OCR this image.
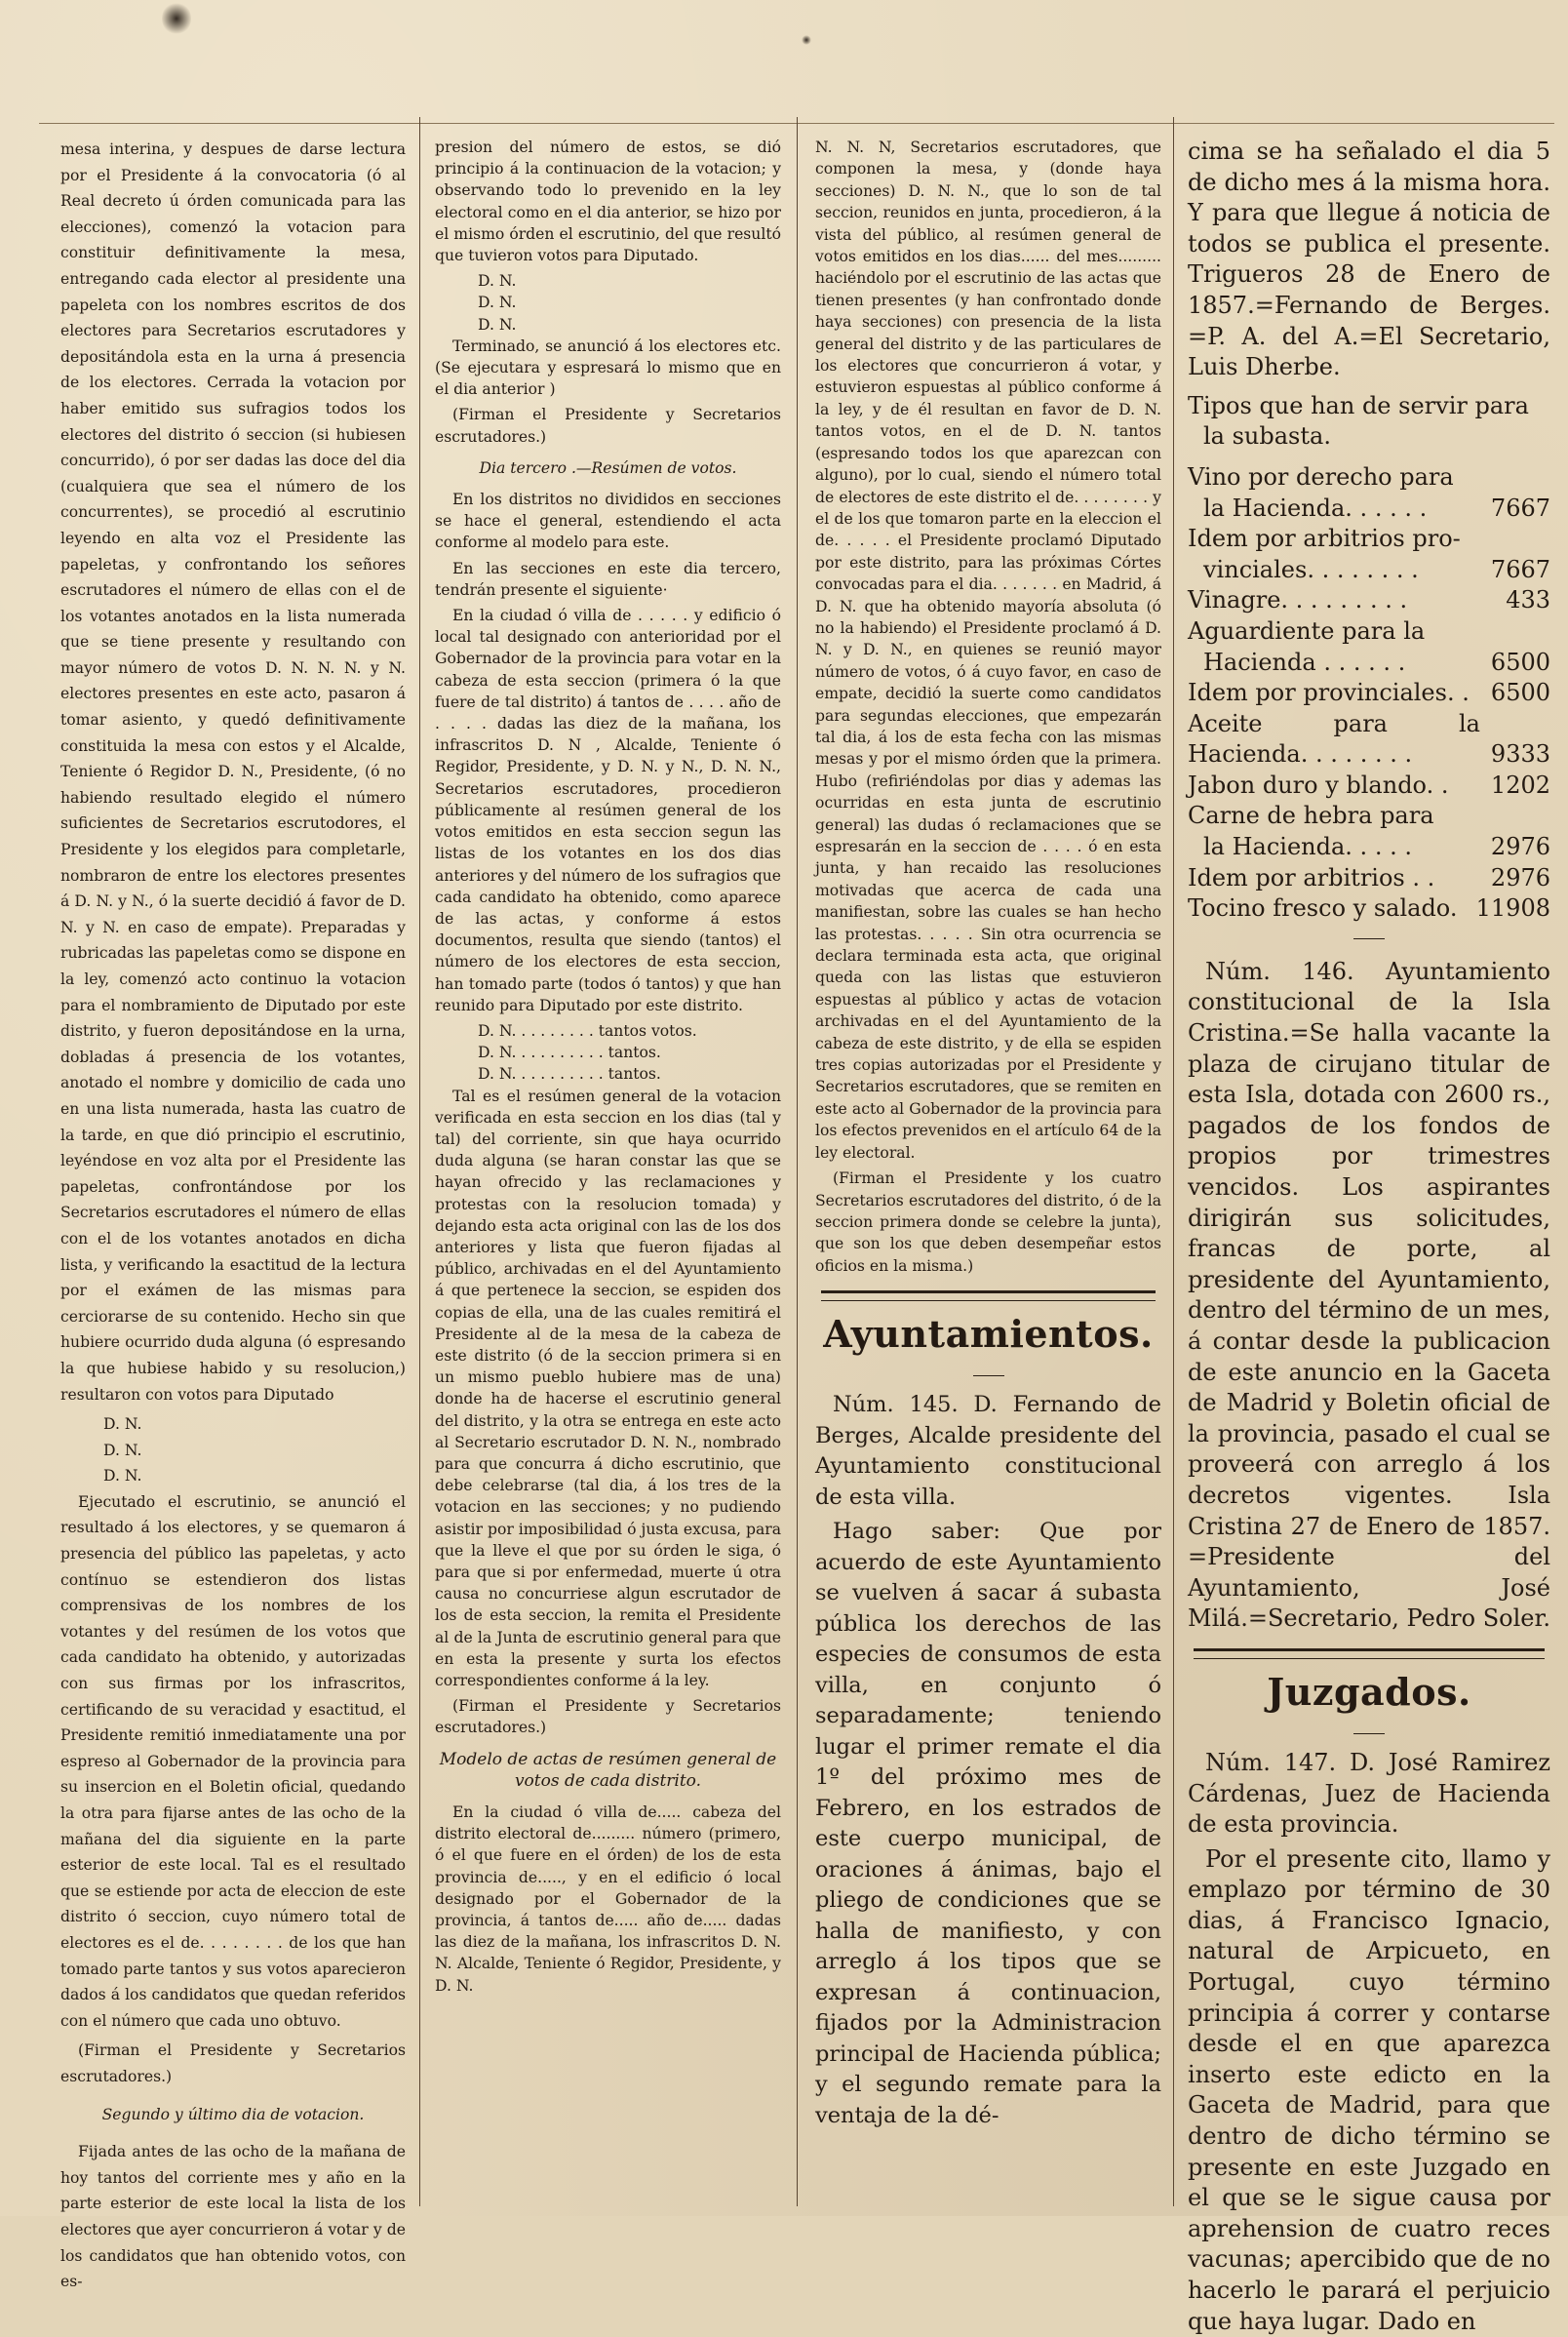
mesa interina, y despues de darse lectura por el Presidente á la convocatoria (ó al Real decreto ú órden comunicada para las elecciones), comenzó la votacion para constituir definitivamente la mesa, entregando cada elector al presidente una papeleta con los nombres escritos de dos electores para Secretarios escrutadores y depositándola esta en la urna á presencia de los electores. Cerrada la votacion por haber emitido sus sufragios todos los electores del distrito ó seccion (si hubiesen concurrido), ó por ser dadas las doce del dia (cualquiera que sea el número de los concurrentes), se procedió al escrutinio leyendo en alta voz el Presidente las papeletas, y confrontando los señores escrutadores el número de ellas con el de los votantes anotados en la lista numerada que se tiene presente y resultando con mayor número de votos D. N. N. N. y N. electores presentes en este acto, pasaron á tomar asiento, y quedó definitivamente constituida la mesa con estos y el Alcalde, Teniente ó Regidor D. N., Presidente, (ó no habiendo resultado elegido el número suficientes de Secretarios escrutodores, el Presidente y los elegidos para completarle, nombraron de entre los electores presentes á D. N. y N., ó la suerte decidió á favor de D. N. y N. en caso de empate). Preparadas y rubricadas las papeletas como se dispone en la ley, comenzó acto continuo la votacion para el nombramiento de Diputado por este distrito, y fueron depositándose en la urna, dobladas á presencia de los votantes, anotado el nombre y domicilio de cada uno en una lista numerada, hasta las cuatro de la tarde, en que dió principio el escrutinio, leyéndose en voz alta por el Presidente las papeletas, confrontándose por los Secretarios escrutadores el número de ellas con el de los votantes anotados en dicha lista, y verificando la esactitud de la lectura por el exámen de las mismas para cerciorarse de su contenido. Hecho sin que hubiere ocurrido duda alguna (ó espresando la que hubiese habido y su resolucion,) resultaron con votos para Diputado

D. N.

D. N.

D. N.

Ejecutado el escrutinio, se anunció el resultado á los electores, y se quemaron á presencia del público las papeletas, y acto contínuo se estendieron dos listas comprensivas de los nombres de los votantes y del resúmen de los votos que cada candidato ha obtenido, y autorizadas con sus firmas por los infrascritos, certificando de su veracidad y esactitud, el Presidente remitió inmediatamente una por espreso al Gobernador de la provincia para su insercion en el Boletin oficial, quedando la otra para fijarse antes de las ocho de la mañana del dia siguiente en la parte esterior de este local. Tal es el resultado que se estiende por acta de eleccion de este distrito ó seccion, cuyo número total de electores es el de. . . . . . . . de los que han tomado parte tantos y sus votos aparecieron dados á los candidatos que quedan referidos con el número que cada uno obtuvo.

(Firman el Presidente y Secretarios escrutadores.)

Segundo y último dia de votacion.

Fijada antes de las ocho de la mañana de hoy tantos del corriente mes y año en la parte esterior de este local la lista de los electores que ayer concurrieron á votar y de los candidatos que han obtenido votos, con es-

presion del número de estos, se dió principio á la continuacion de la votacion; y observando todo lo prevenido en la ley electoral como en el dia anterior, se hizo por el mismo órden el escrutinio, del que resultó que tuvieron votos para Diputado.

D. N.

D. N.

D. N.

Terminado, se anunció á los electores etc. (Se ejecutara y espresará lo mismo que en el dia anterior )

(Firman el Presidente y Secretarios escrutadores.)

Dia tercero .—Resúmen de votos.

En los distritos no divididos en secciones se hace el general, estendiendo el acta conforme al modelo para este.

En las secciones en este dia tercero, tendrán presente el siguiente·

En la ciudad ó villa de . . . . . y edificio ó local tal designado con anterioridad por el Gobernador de la provincia para votar en la cabeza de esta seccion (primera ó la que fuere de tal distrito) á tantos de . . . . año de . . . . dadas las diez de la mañana, los infrascritos D. N , Alcalde, Teniente ó Regidor, Presidente, y D. N. y N., D. N. N., Secretarios escrutadores, procedieron públicamente al resúmen general de los votos emitidos en esta seccion segun las listas de los votantes en los dos dias anteriores y del número de los sufragios que cada candidato ha obtenido, como aparece de las actas, y conforme á estos documentos, resulta que siendo (tantos) el número de los electores de esta seccion, han tomado parte (todos ó tantos) y que han reunido para Diputado por este distrito.

D. N. . . . . . . . . tantos votos.

D. N. . . . . . . . . . tantos.

D. N. . . . . . . . . . tantos.

Tal es el resúmen general de la votacion verificada en esta seccion en los dias (tal y tal) del corriente, sin que haya ocurrido duda alguna (se haran constar las que se hayan ofrecido y las reclamaciones y protestas con la resolucion tomada) y dejando esta acta original con las de los dos anteriores y lista que fueron fijadas al público, archivadas en el del Ayuntamiento á que pertenece la seccion, se espiden dos copias de ella, una de las cuales remitirá el Presidente al de la mesa de la cabeza de este distrito (ó de la seccion primera si en un mismo pueblo hubiere mas de una) donde ha de hacerse el escrutinio general del distrito, y la otra se entrega en este acto al Secretario escrutador D. N. N., nombrado para que concurra á dicho escrutinio, que debe celebrarse (tal dia, á los tres de la votacion en las secciones; y no pudiendo asistir por imposibilidad ó justa excusa, para que la lleve el que por su órden le siga, ó para que si por enfermedad, muerte ú otra causa no concurriese algun escrutador de los de esta seccion, la remita el Presidente al de la Junta de escrutinio general para que en esta la presente y surta los efectos correspondientes conforme á la ley.

(Firman el Presidente y Secretarios escrutadores.)

Modelo de actas de resúmen general de votos de cada distrito.

En la ciudad ó villa de..... cabeza del distrito electoral de......... número (primero, ó el que fuere en el órden) de los de esta provincia de....., y en el edificio ó local designado por el Gobernador de la provincia, á tantos de..... año de..... dadas las diez de la mañana, los infrascritos D. N. N. Alcalde, Teniente ó Regidor, Presidente, y D. N.

N. N. N, Secretarios escrutadores, que componen la mesa, y (donde haya secciones) D. N. N., que lo son de tal seccion, reunidos en junta, procedieron, á la vista del público, al resúmen general de votos emitidos en los dias...... del mes......... haciéndolo por el escrutinio de las actas que tienen presentes (y han confrontado donde haya secciones) con presencia de la lista general del distrito y de las particulares de los electores que concurrieron á votar, y estuvieron espuestas al público conforme á la ley, y de él resultan en favor de D. N. tantos votos, en el de D. N. tantos (espresando todos los que aparezcan con alguno), por lo cual, siendo el número total de electores de este distrito el de. . . . . . . . y el de los que tomaron parte en la eleccion el de. . . . . el Presidente proclamó Diputado por este distrito, para las próximas Córtes convocadas para el dia. . . . . . . en Madrid, á D. N. que ha obtenido mayoría absoluta (ó no la habiendo) el Presidente proclamó á D. N. y D. N., en quienes se reunió mayor número de votos, ó á cuyo favor, en caso de empate, decidió la suerte como candidatos para segundas elecciones, que empezarán tal dia, á los de esta fecha con las mismas mesas y por el mismo órden que la primera. Hubo (refiriéndolas por dias y ademas las ocurridas en esta junta de escrutinio general) las dudas ó reclamaciones que se espresarán en la seccion de . . . . ó en esta junta, y han recaido las resoluciones motivadas que acerca de cada una manifiestan, sobre las cuales se han hecho las protestas. . . . . Sin otra ocurrencia se declara terminada esta acta, que original queda con las listas que estuvieron espuestas al público y actas de votacion archivadas en el del Ayuntamiento de la cabeza de este distrito, y de ella se espiden tres copias autorizadas por el Presidente y Secretarios escrutadores, que se remiten en este acto al Gobernador de la provincia para los efectos prevenidos en el artículo 64 de la ley electoral.

(Firman el Presidente y los cuatro Secretarios escrutadores del distrito, ó de la seccion primera donde se celebre la junta), que son los que deben desempeñar estos oficios en la misma.)

Ayuntamientos.

Núm. 145. D. Fernando de Berges, Alcalde presidente del Ayuntamiento constitucional de esta villa.

Hago saber: Que por acuerdo de este Ayuntamiento se vuelven á sacar á subasta pública los derechos de las especies de consumos de esta villa, en conjunto ó separadamente; teniendo lugar el primer remate el dia 1º del próximo mes de Febrero, en los estrados de este cuerpo municipal, de oraciones á ánimas, bajo el pliego de condiciones que se halla de manifiesto, y con arreglo á los tipos que se expresan á continuacion, fijados por la Administracion principal de Hacienda pública; y el segundo remate para la ventaja de la dé-

cima se ha señalado el dia 5 de dicho mes á la misma hora. Y para que llegue á noticia de todos se publica el presente. Trigueros 28 de Enero de 1857.=Fernando de Berges. =P. A. del A.=El Secretario, Luis Dherbe.

Tipos que han de servir para
la subasta.

Vino por derecho para

la Hacienda. . . . . .	7667

Idem por arbitrios pro-

vinciales. . . . . . . .	7667

Vinagre. . . . . . . . .	433

Aguardiente para la

Hacienda . . . . . .	6500

Idem por provinciales. . 6500

Aceite para la Hacienda. . . . . . . .	9333

Jabon duro y blando. . 1202

Carne de hebra para

la Hacienda. . . . .	2976

Idem por arbitrios . . 2976

Tocino fresco y salado. 11908

Núm. 146. Ayuntamiento constitucional de la Isla Cristina.=Se halla vacante la plaza de cirujano titular de esta Isla, dotada con 2600 rs., pagados de los fondos de propios por trimestres vencidos. Los aspirantes dirigirán sus solicitudes, francas de porte, al presidente del Ayuntamiento, dentro del término de un mes, á contar desde la publicacion de este anuncio en la Gaceta de Madrid y Boletin oficial de la provincia, pasado el cual se proveerá con arreglo á los decretos vigentes. Isla Cristina 27 de Enero de 1857. =Presidente del Ayuntamiento, José Milá.=Secretario, Pedro Soler.

Juzgados.

Núm. 147. D. José Ramirez Cárdenas, Juez de Hacienda de esta provincia.

Por el presente cito, llamo y emplazo por término de 30 dias, á Francisco Ignacio, natural de Arpicueto, en Portugal, cuyo término principia á correr y contarse desde el en que aparezca inserto este edicto en la Gaceta de Madrid, para que dentro de dicho término se presente en este Juzgado en el que se le sigue causa por aprehension de cuatro reces vacunas; apercibido que de no hacerlo le parará el perjuicio que haya lugar. Dado en
